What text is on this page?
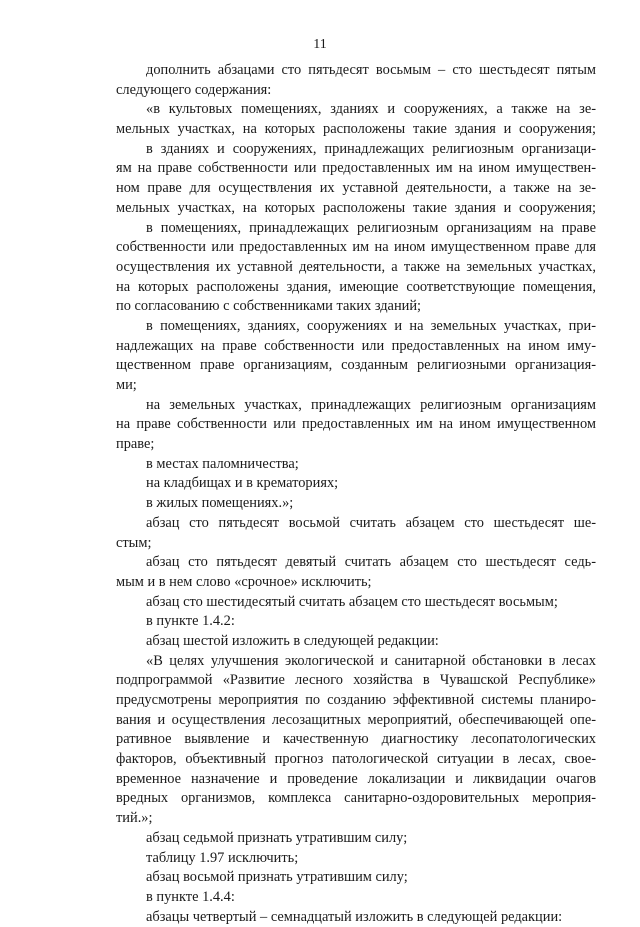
11
дополнить абзацами сто пятьдесят восьмым – сто шестьдесят пятым
следующего содержания:
«в культовых помещениях, зданиях и сооружениях, а также на зе-
мельных участках, на которых расположены такие здания и сооружения;
в зданиях и сооружениях, принадлежащих религиозным организаци-
ям на праве собственности или предоставленных им на ином имуществен-
ном праве для осуществления их уставной деятельности, а также на зе-
мельных участках, на которых расположены такие здания и сооружения;
в помещениях, принадлежащих религиозным организациям на праве
собственности или предоставленных им на ином имущественном праве для
осуществления их уставной деятельности, а также на земельных участках,
на которых расположены здания, имеющие соответствующие помещения,
по согласованию с собственниками таких зданий;
в помещениях, зданиях, сооружениях и на земельных участках, при-
надлежащих на праве собственности или предоставленных на ином иму-
щественном праве организациям, созданным религиозными организация-
ми;
на земельных участках, принадлежащих религиозным организациям
на праве собственности или предоставленных им на ином имущественном
праве;
в местах паломничества;
на кладбищах и в крематориях;
в жилых помещениях.»;
абзац сто пятьдесят восьмой считать абзацем сто шестьдесят ше-
стым;
абзац сто пятьдесят девятый считать абзацем сто шестьдесят седь-
мым и в нем слово «срочное» исключить;
абзац сто шестидесятый считать абзацем сто шестьдесят восьмым;
в пункте 1.4.2:
абзац шестой изложить в следующей редакции:
«В целях улучшения экологической и санитарной обстановки в лесах
подпрограммой «Развитие лесного хозяйства в Чувашской Республике»
предусмотрены мероприятия по созданию эффективной системы планиро-
вания и осуществления лесозащитных мероприятий, обеспечивающей опе-
ративное выявление и качественную диагностику лесопатологических
факторов, объективный прогноз патологической ситуации в лесах, свое-
временное назначение и проведение локализации и ликвидации очагов
вредных организмов, комплекса санитарно-оздоровительных мероприя-
тий.»;
абзац седьмой признать утратившим силу;
таблицу 1.97 исключить;
абзац восьмой признать утратившим силу;
в пункте 1.4.4:
абзацы четвертый – семнадцатый изложить в следующей редакции:
